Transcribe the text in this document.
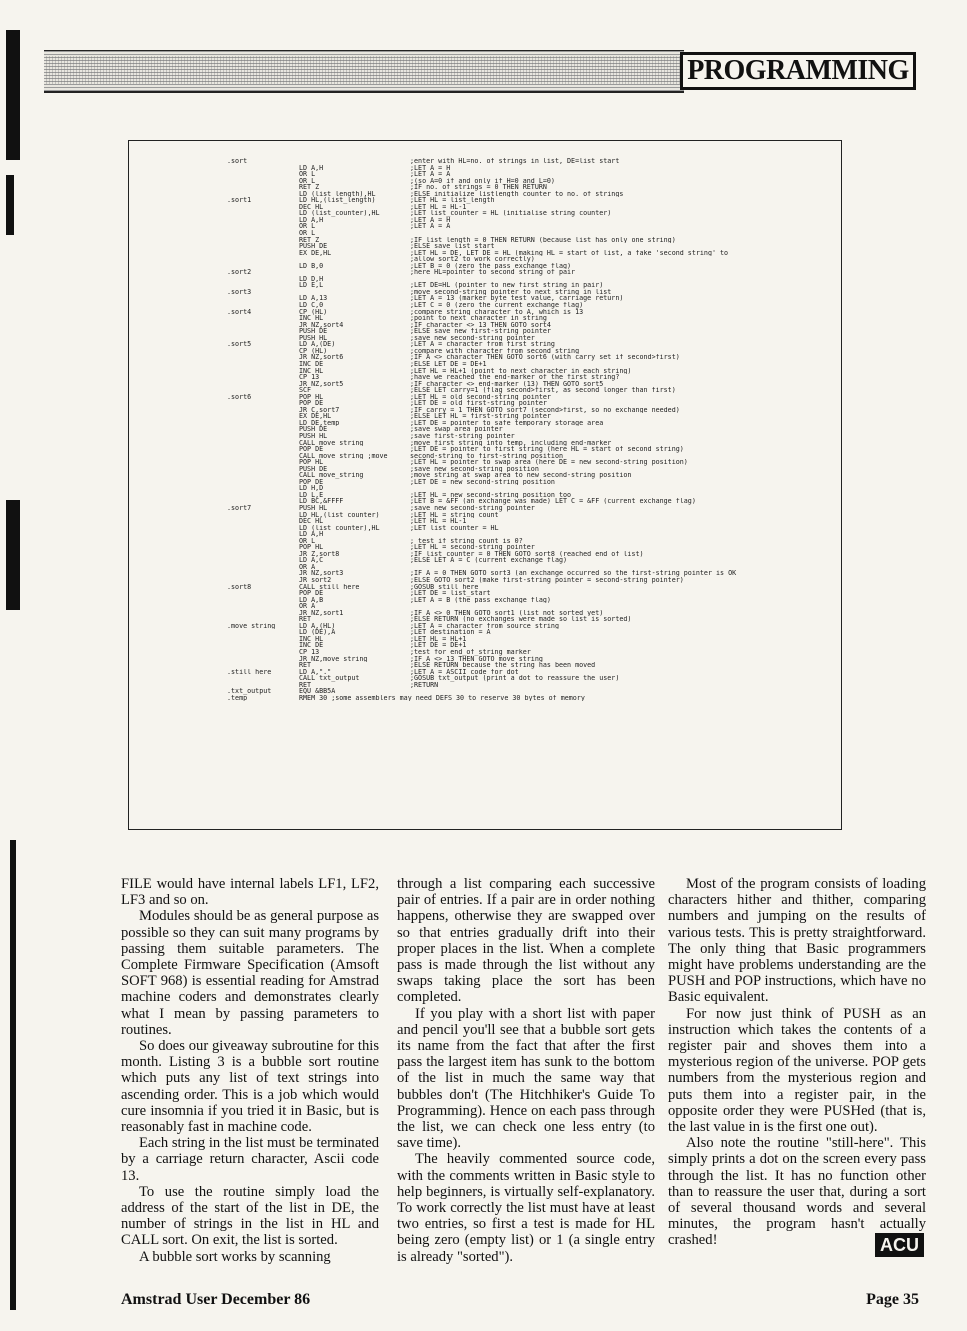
PROGRAMMING
.sort	;enter with HL=no. of strings in list, DE=list start
LD A,H	;LET A = H
OR L	;LET A = A
OR L	;(so A=0 if and only if H=0 and L=0)
RET Z	;IF no. of strings = 0 THEN RETURN
LD (list_length),HL	;ELSE initialize listlength counter to no. of strings
.sort1	LD HL,(list_length)	;LET HL = list_length
DEC HL	;LET HL = HL-1
LD (list_counter),HL	;LET list_counter = HL (initialise string counter)
LD A,H	;LET A = H
OR L	;LET A = A
OR L
RET Z	;IF list_length = 0 THEN RETURN (because list has only one string)
PUSH DE	;ELSE save list start
EX DE,HL	;LET HL = DE, LET DE = HL (making HL = start of list, a fake 'second string' to
;allow sort2 to work correctly)
LD B,0	;LET B = 0 (zero the pass exchange flag)
.sort2	;here HL=pointer to second string of pair
LD D,H
LD E,L	;LET DE=HL (pointer to new first string in pair)
.sort3	;move second-string pointer to next string in list
LD A,13	;LET A = 13 (marker byte test value, carriage return)
LD C,0	;LET C = 0 (zero the current exchange flag)
.sort4	CP (HL)	;compare string character to A, which is 13
INC HL	;point to next character in string
JR NZ,sort4	;IF character <> 13 THEN GOTO sort4
PUSH DE	;ELSE save new first-string pointer
PUSH HL	;save new second-string pointer
.sort5	LD A,(DE)	;LET A = character from first string
CP (HL)	;compare with character from second string
JR NZ,sort6	;IF A <> character THEN GOTO sort6 (with carry set if second>first)
INC DE	;ELSE LET DE = DE+1
INC HL	;LET HL = HL+1 (point to next character in each string)
CP 13	;have we reached the end-marker of the first string?
JR NZ,sort5	;IF character <> end-marker (13) THEN GOTO sort5
SCF	;ELSE LET carry=1 (flag second>first, as second longer than first)
.sort6	POP HL	;LET HL = old second-string pointer
POP DE	;LET DE = old first-string pointer
JR C,sort7	;IF carry = 1 THEN GOTO sort7 (second>first, so no exchange needed)
EX DE,HL	;ELSE LET HL = first-string pointer
LD DE,temp	;LET DE = pointer to safe temporary storage area
PUSH DE	;save swap area pointer
PUSH HL	;save first-string pointer
CALL move_string	;move first string into temp, including end-marker
POP DE	;LET DE = pointer to first string (here HL = start of second string)
CALL move_string ;move	second-string to first-string position
POP HL	;LET HL = pointer to swap area (here DE = new second-string position)
PUSH DE	;save new second-string position
CALL move_string	;move string at swap area to new second-string position
POP DE	;LET DE = new second-string position
LD H,D
LD L,E	;LET HL = new second-string position too
LD BC,&FFFF	;LET B = &FF (an exchange was made) LET C = &FF (current exchange flag)
.sort7	PUSH HL	;save new second-string pointer
LD HL,(list_counter)	;LET HL = string count
DEC HL	;LET HL = HL-1
LD (list_counter),HL	;LET list_counter = HL
LD A,H
OR L	; test if string count is 0?
POP HL	;LET HL = second-string pointer
JR Z,sort8	;IF list_counter = 0 THEN GOTO sort8 (reached end of list)
LD A,C	;ELSE LET A = C (current exchange flag)
OR A
JR NZ,sort3	;IF A = 0 THEN GOTO sort3 (an exchange occurred so the first-string pointer is OK
JR sort2	;ELSE GOTO sort2 (make first-string pointer = second-string pointer)
.sort8	CALL still_here	;GOSUB still_here
POP DE	;LET DE = list_start
LD A,B	;LET A = B (the pass exchange flag)
OR A
JR NZ,sort1	;IF A <> 0 THEN GOTO sort1 (list not sorted yet)
RET	;ELSE RETURN (no exchanges were made so list is sorted)
.move_string	LD A,(HL)	;LET A = character from source string
LD (DE),A	;LET destination = A
INC HL	;LET HL = HL+1
INC DE	;LET DE = DE+1
CP 13	;test for end_of_string marker
JR NZ,move_string	;IF A <> 13 THEN GOTO move_string
RET	;ELSE RETURN because the string has been moved
.still_here	LD A,"."	;LET A = ASCII code for dot
CALL txt_output	;GOSUB txt_output (print a dot to reassure the user)
RET	;RETURN
.txt_output	EQU &BB5A
.temp	RMEM 30 ;some assemblers may need DEFS 30 to reserve 30 bytes of memory

FILE would have internal labels LF1, LF2, LF3 and so on.

Modules should be as general purpose as possible so they can suit many programs by passing them suitable parameters. The Complete Firmware Specification (Amsoft SOFT 968) is essential reading for Amstrad machine coders and demonstrates clearly what I mean by passing parameters to routines.

So does our giveaway subroutine for this month. Listing 3 is a bubble sort routine which puts any list of text strings into ascending order. This is a job which would cure insomnia if you tried it in Basic, but is reasonably fast in machine code.

Each string in the list must be terminated by a carriage return character, Ascii code 13.

To use the routine simply load the address of the start of the list in DE, the number of strings in the list in HL and CALL sort. On exit, the list is sorted.

A bubble sort works by scanning

through a list comparing each successive pair of entries. If a pair are in order nothing happens, otherwise they are swapped over so that entries gradually drift into their proper places in the list. When a complete pass is made through the list without any swaps taking place the sort has been completed.

If you play with a short list with paper and pencil you'll see that a bubble sort gets its name from the fact that after the first pass the largest item has sunk to the bottom of the list in much the same way that bubbles don't (The Hitchhiker's Guide To Programming). Hence on each pass through the list, we can check one less entry (to save time).

The heavily commented source code, with the comments written in Basic style to help beginners, is virtually self-explanatory. To work correctly the list must have at least two entries, so first a test is made for HL being zero (empty list) or 1 (a single entry is already "sorted").

Most of the program consists of loading characters hither and thither, comparing numbers and jumping on the results of various tests. This is pretty straightforward. The only thing that Basic programmers might have problems understanding are the PUSH and POP instructions, which have no Basic equivalent.

For now just think of PUSH as an instruction which takes the contents of a register pair and shoves them into a mysterious region of the universe. POP gets numbers from the mysterious region and puts them into a register pair, in the opposite order they were PUSHed (that is, the last value in is the first one out).

Also note the routine "still-here". This simply prints a dot on the screen every pass through the list. It has no function other than to reassure the user that, during a sort of several thousand words and several minutes, the program hasn't actually crashed!	ACU
Amstrad User December 86	Page 35
